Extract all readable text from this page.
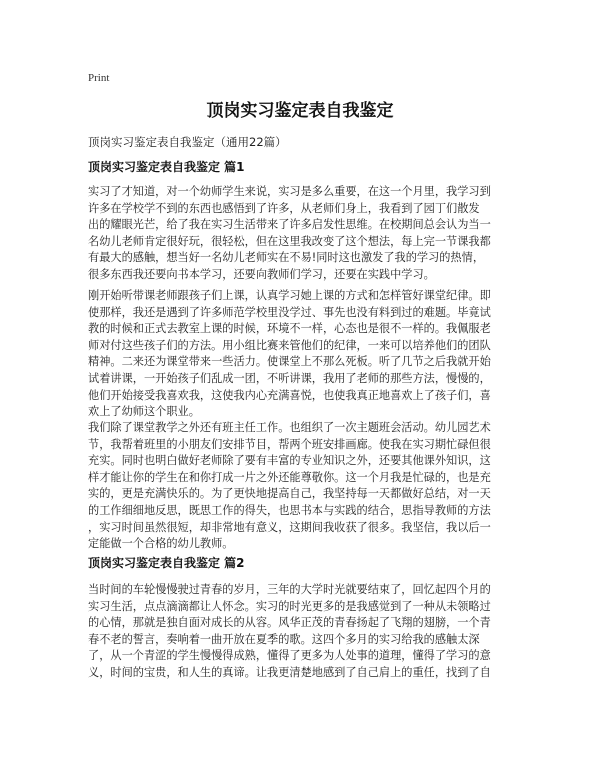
Print
顶岗实习鉴定表自我鉴定
顶岗实习鉴定表自我鉴定（通用22篇）
顶岗实习鉴定表自我鉴定 篇1
实习了才知道，对一个幼师学生来说，实习是多么重要，在这一个月里，我学习到
许多在学校学不到的东西也感悟到了许多，从老师们身上，我看到了园丁们散发
出的耀眼光芒，给了我在实习生活带来了许多启发性思维。在校期间总会认为当一
名幼儿老师肯定很好玩，很轻松，但在这里我改变了这个想法，每上完一节课我都
有最大的感触，想当好一名幼儿老师实在不易!同时这也激发了我的学习的热情，
很多东西我还要向书本学习，还要向教师们学习，还要在实践中学习。
刚开始听带课老师跟孩子们上课，认真学习她上课的方式和怎样管好课堂纪律。即
使那样，我还是遇到了许多师范学校里没学过、事先也没有料到过的难题。毕竟试
教的时候和正式去教室上课的时候，环境不一样，心态也是很不一样的。我佩服老
师对付这些孩子们的方法。用小组比赛来管他们的纪律，一来可以培养他们的团队
精神。二来还为课堂带来一些活力。使课堂上不那么死板。听了几节之后我就开始
试着讲课，一开始孩子们乱成一团，不听讲课，我用了老师的那些方法，慢慢的，
他们开始接受我喜欢我，这使我内心充满喜悦，也使我真正地喜欢上了孩子们，喜
欢上了幼师这个职业。
我们除了课堂教学之外还有班主任工作。也组织了一次主题班会活动。幼儿园艺术
节，我帮着班里的小朋友们安排节目，帮两个班安排画廊。使我在实习期忙碌但很
充实。同时也明白做好老师除了要有丰富的专业知识之外，还要其他课外知识，这
样才能让你的学生在和你打成一片之外还能尊敬你。这一个月我是忙碌的，也是充
实的，更是充满快乐的。为了更快地提高自己，我坚持每一天都做好总结，对一天
的工作细细地反思，既思工作的得失，也思书本与实践的结合，思指导教师的方法
，实习时间虽然很短，却非常地有意义，这期间我收获了很多。我坚信，我以后一
定能做一个合格的幼儿教师。
顶岗实习鉴定表自我鉴定 篇2
当时间的车轮慢慢驶过青春的岁月，三年的大学时光就要结束了，回忆起四个月的
实习生活，点点滴滴都让人怀念。实习的时光更多的是我感觉到了一种从未领略过
的心情，那就是独自面对成长的从容。风华正茂的青春扬起了飞翔的翅膀，一个青
春不老的誓言，奏响着一曲开放在夏季的歌。这四个多月的实习给我的感触太深
了，从一个青涩的学生慢慢得成熟，懂得了更多为人处事的道理，懂得了学习的意
义，时间的宝贵，和人生的真谛。让我更清楚地感到了自己肩上的重任，找到了自
